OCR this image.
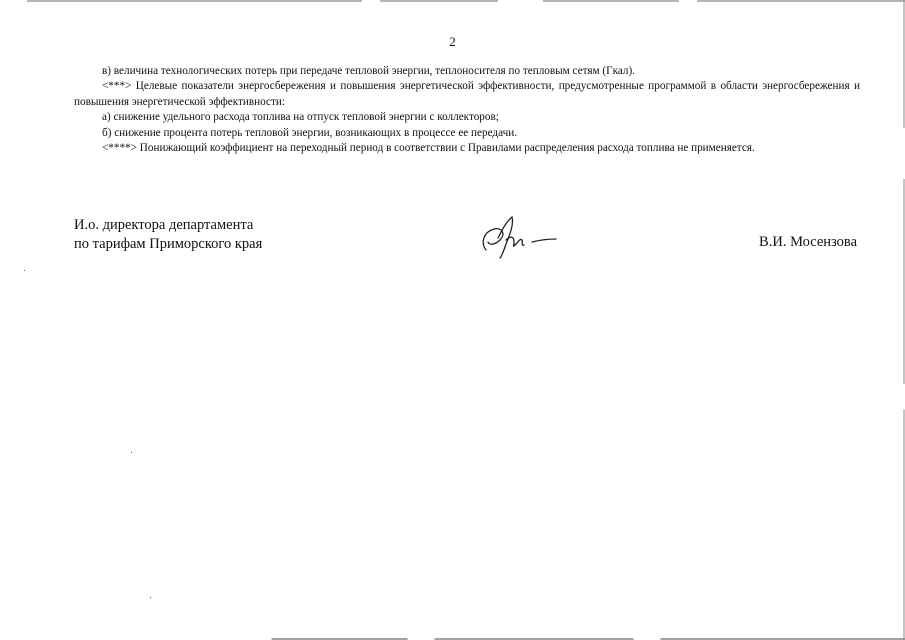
2

в) величина технологических потерь при передаче тепловой энергии, теплоносителя по тепловым сетям (Гкал).

<***> Целевые показатели энергосбережения и повышения энергетической эффективности, предусмотренные программой в области энергосбережения и повышения энергетической эффективности:

а) снижение удельного расхода топлива на отпуск тепловой энергии с коллекторов;

б) снижение процента потерь тепловой энергии, возникающих в процессе ее передачи.

<****> Понижающий коэффициент на переходный период в соответствии с Правилами распределения расхода топлива не применяется.

И.о. директора департамента
по тарифам Приморского края	В.И. Мосензова
